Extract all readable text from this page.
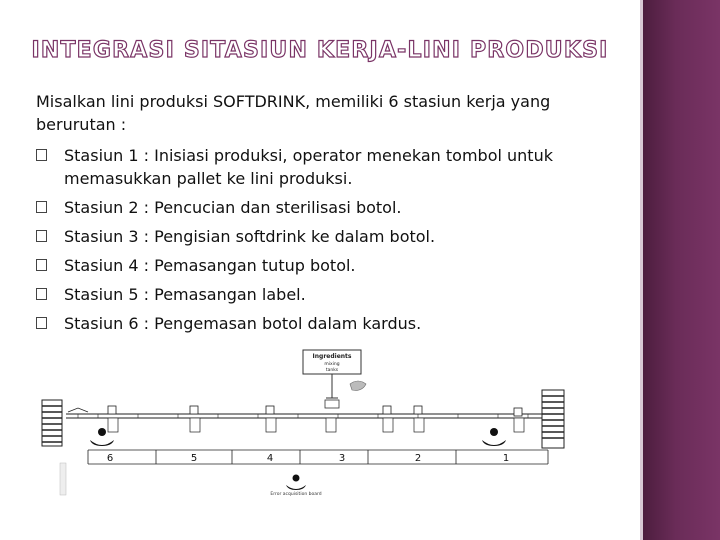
INTEGRASI SITASIUN KERJA-LINI PRODUKSI
Misalkan lini produksi SOFTDRINK, memiliki 6 stasiun kerja yang berurutan :
Stasiun 1 : Inisiasi produksi, operator menekan tombol untuk memasukkan pallet ke lini produksi.
Stasiun 2 : Pencucian dan sterilisasi botol.
Stasiun 3 : Pengisian softdrink ke dalam botol.
Stasiun 4 : Pemasangan tutup botol.
Stasiun 5 : Pemasangan label.
Stasiun 6 : Pengemasan botol dalam kardus.
Ingredients
mixing
tanks
6	5	4	3	2	1
Error acquisition board
